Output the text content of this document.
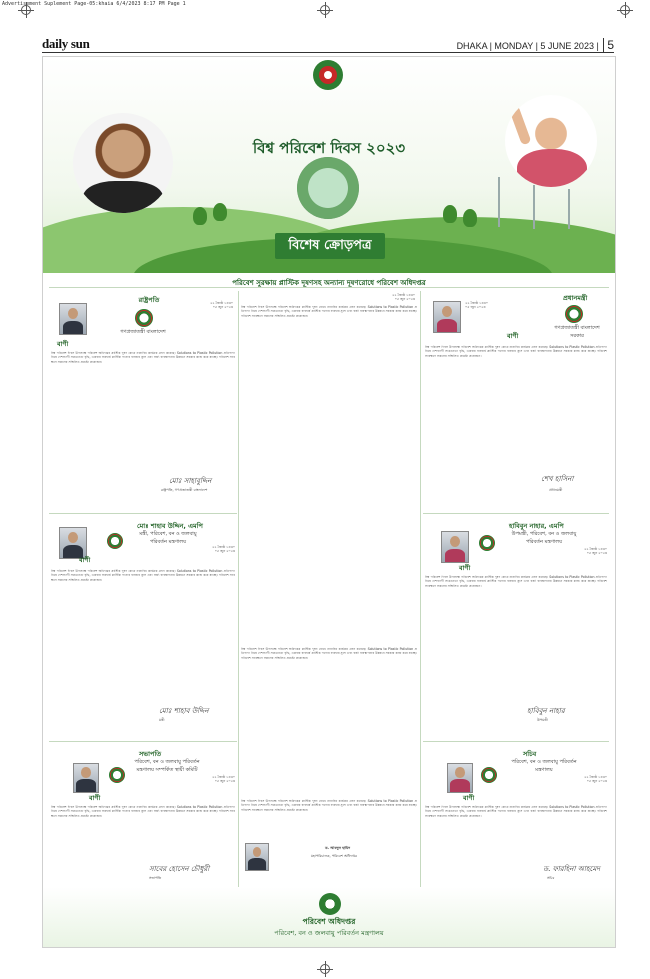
Advertisement Suplement Page-05:khaia 6/4/2023 8:17 PM Page 1
daily sun	DHAKA | MONDAY | 5 JUNE 2023 | 5
বিশ্ব পরিবেশ দিবস ২০২৩
বিশেষ ক্রোড়পত্র
পরিবেশ সুরক্ষায় প্লাস্টিক দূষণসহ অন্যান্য দূষণরোধে পরিবেশ অধিদপ্তর
রাষ্ট্রপতি
গণপ্রজাতন্ত্রী বাংলাদেশ
২২ জ্যৈষ্ঠ ১৪৩০
০৫ জুন ২০২৩
বাণী
বিশ্ব পরিবেশ দিবস উপলক্ষে পরিবেশ অধিদপ্তর প্লাস্টিক দূষণ রোধে নানাবিধ কার্যক্রম গ্রহণ করেছে। Solutions to Plastic Pollution প্রতিপাদ্য নিয়ে দেশব্যাপী সচেতনতা বৃদ্ধি, একবার ব্যবহার্য প্লাস্টিক পণ্যের ব্যবহার হ্রাস এবং বর্জ্য ব্যবস্থাপনার উন্নয়নে সরকার কাজ করে যাচ্ছে। পরিবেশ সংরক্ষণে সকলের সম্মিলিত প্রচেষ্টা প্রয়োজন।
মোঃ সাহাবুদ্দিন
রাষ্ট্রপতি, গণপ্রজাতন্ত্রী বাংলাদেশ
মোঃ শাহাব উদ্দিন, এমপি
মন্ত্রী, পরিবেশ, বন ও জলবায়ু পরিবর্তন মন্ত্রণালয়
২২ জ্যৈষ্ঠ ১৪৩০
০৫ জুন ২০২৩
বাণী
বিশ্ব পরিবেশ দিবস উপলক্ষে পরিবেশ অধিদপ্তর প্লাস্টিক দূষণ রোধে নানাবিধ কার্যক্রম গ্রহণ করেছে। Solutions to Plastic Pollution প্রতিপাদ্য নিয়ে দেশব্যাপী সচেতনতা বৃদ্ধি, একবার ব্যবহার্য প্লাস্টিক পণ্যের ব্যবহার হ্রাস এবং বর্জ্য ব্যবস্থাপনার উন্নয়নে সরকার কাজ করে যাচ্ছে। পরিবেশ সংরক্ষণে সকলের সম্মিলিত প্রচেষ্টা প্রয়োজন।
মোঃ শাহাব উদ্দিন
মন্ত্রী
সভাপতি
পরিবেশ, বন ও জলবায়ু পরিবর্তন মন্ত্রণালয় সম্পর্কিত স্থায়ী কমিটি
২২ জ্যৈষ্ঠ ১৪৩০
০৫ জুন ২০২৩
বাণী
বিশ্ব পরিবেশ দিবস উপলক্ষে পরিবেশ অধিদপ্তর প্লাস্টিক দূষণ রোধে নানাবিধ কার্যক্রম গ্রহণ করেছে। Solutions to Plastic Pollution প্রতিপাদ্য নিয়ে দেশব্যাপী সচেতনতা বৃদ্ধি, একবার ব্যবহার্য প্লাস্টিক পণ্যের ব্যবহার হ্রাস এবং বর্জ্য ব্যবস্থাপনার উন্নয়নে সরকার কাজ করে যাচ্ছে। পরিবেশ সংরক্ষণে সকলের সম্মিলিত প্রচেষ্টা প্রয়োজন।
সাবের হোসেন চৌধুরী
সভাপতি
২২ জ্যৈষ্ঠ ১৪৩০
০৫ জুন ২০২৩
বিশ্ব পরিবেশ দিবস উপলক্ষে পরিবেশ অধিদপ্তর প্লাস্টিক দূষণ রোধে নানাবিধ কার্যক্রম গ্রহণ করেছে। Solutions to Plastic Pollution প্রতিপাদ্য নিয়ে দেশব্যাপী সচেতনতা বৃদ্ধি, একবার ব্যবহার্য প্লাস্টিক পণ্যের ব্যবহার হ্রাস এবং বর্জ্য ব্যবস্থাপনার উন্নয়নে সরকার কাজ করে যাচ্ছে। পরিবেশ সংরক্ষণে সকলের সম্মিলিত প্রচেষ্টা প্রয়োজন।
বিশ্ব পরিবেশ দিবস উপলক্ষে পরিবেশ অধিদপ্তর প্লাস্টিক দূষণ রোধে নানাবিধ কার্যক্রম গ্রহণ করেছে। Solutions to Plastic Pollution প্রতিপাদ্য নিয়ে দেশব্যাপী সচেতনতা বৃদ্ধি, একবার ব্যবহার্য প্লাস্টিক পণ্যের ব্যবহার হ্রাস এবং বর্জ্য ব্যবস্থাপনার উন্নয়নে সরকার কাজ করে যাচ্ছে। পরিবেশ সংরক্ষণে সকলের সম্মিলিত প্রচেষ্টা প্রয়োজন।
বিশ্ব পরিবেশ দিবস উপলক্ষে পরিবেশ অধিদপ্তর প্লাস্টিক দূষণ রোধে নানাবিধ কার্যক্রম গ্রহণ করেছে। Solutions to Plastic Pollution প্রতিপাদ্য নিয়ে দেশব্যাপী সচেতনতা বৃদ্ধি, একবার ব্যবহার্য প্লাস্টিক পণ্যের ব্যবহার হ্রাস এবং বর্জ্য ব্যবস্থাপনার উন্নয়নে সরকার কাজ করে যাচ্ছে। পরিবেশ সংরক্ষণে সকলের সম্মিলিত প্রচেষ্টা প্রয়োজন।
ড. আবদুল হামিদ
মহাপরিচালক, পরিবেশ অধিদপ্তর
প্রধানমন্ত্রী
গণপ্রজাতন্ত্রী বাংলাদেশ সরকার
২২ জ্যৈষ্ঠ ১৪৩০
০৫ জুন ২০২৩
বাণী
বিশ্ব পরিবেশ দিবস উপলক্ষে পরিবেশ অধিদপ্তর প্লাস্টিক দূষণ রোধে নানাবিধ কার্যক্রম গ্রহণ করেছে। Solutions to Plastic Pollution প্রতিপাদ্য নিয়ে দেশব্যাপী সচেতনতা বৃদ্ধি, একবার ব্যবহার্য প্লাস্টিক পণ্যের ব্যবহার হ্রাস এবং বর্জ্য ব্যবস্থাপনার উন্নয়নে সরকার কাজ করে যাচ্ছে। পরিবেশ সংরক্ষণে সকলের সম্মিলিত প্রচেষ্টা প্রয়োজন।
শেখ হাসিনা
প্রধানমন্ত্রী
হাবিবুন নাহার, এমপি
উপমন্ত্রী, পরিবেশ, বন ও জলবায়ু পরিবর্তন মন্ত্রণালয়
২২ জ্যৈষ্ঠ ১৪৩০
০৫ জুন ২০২৩
বাণী
বিশ্ব পরিবেশ দিবস উপলক্ষে পরিবেশ অধিদপ্তর প্লাস্টিক দূষণ রোধে নানাবিধ কার্যক্রম গ্রহণ করেছে। Solutions to Plastic Pollution প্রতিপাদ্য নিয়ে দেশব্যাপী সচেতনতা বৃদ্ধি, একবার ব্যবহার্য প্লাস্টিক পণ্যের ব্যবহার হ্রাস এবং বর্জ্য ব্যবস্থাপনার উন্নয়নে সরকার কাজ করে যাচ্ছে। পরিবেশ সংরক্ষণে সকলের সম্মিলিত প্রচেষ্টা প্রয়োজন।
হাবিবুন নাহার
উপমন্ত্রী
সচিব
পরিবেশ, বন ও জলবায়ু পরিবর্তন মন্ত্রণালয়
২২ জ্যৈষ্ঠ ১৪৩০
০৫ জুন ২০২৩
বাণী
বিশ্ব পরিবেশ দিবস উপলক্ষে পরিবেশ অধিদপ্তর প্লাস্টিক দূষণ রোধে নানাবিধ কার্যক্রম গ্রহণ করেছে। Solutions to Plastic Pollution প্রতিপাদ্য নিয়ে দেশব্যাপী সচেতনতা বৃদ্ধি, একবার ব্যবহার্য প্লাস্টিক পণ্যের ব্যবহার হ্রাস এবং বর্জ্য ব্যবস্থাপনার উন্নয়নে সরকার কাজ করে যাচ্ছে। পরিবেশ সংরক্ষণে সকলের সম্মিলিত প্রচেষ্টা প্রয়োজন।
ড. ফারহিনা আহমেদ
সচিব
পরিবেশ অধিদপ্তর
পরিবেশ, বন ও জলবায়ু পরিবর্তন মন্ত্রণালয়
